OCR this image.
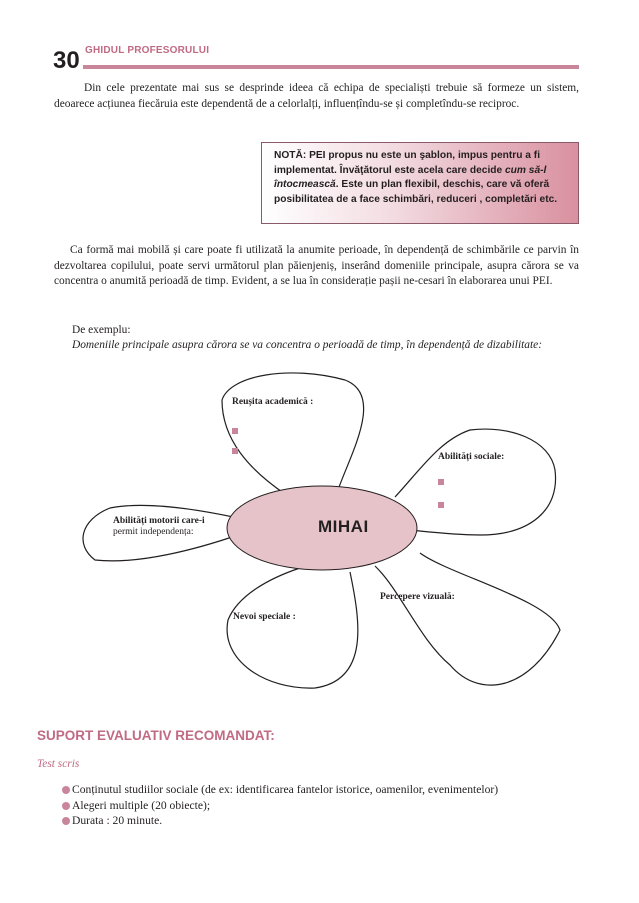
30 GHIDUL PROFESORULUI

Din cele prezentate mai sus se desprinde ideea că echipa de specialiști trebuie să formeze un sistem, deoarece acțiunea fiecăruia este dependentă de a celorlalți, influențîndu-se și completîndu-se reciproc.

NOTĂ: PEI propus nu este un şablon, impus pentru a fi implementat. Învăţătorul este acela care decide cum să-l întocmească. Este un plan flexibil, deschis, care vă oferă posibilitatea de a face schimbări, reduceri , completări etc.

Ca formă mai mobilă și care poate fi utilizată la anumite perioade, în dependență de schimbările ce parvin în dezvoltarea copilului, poate servi următorul plan păienjeniș, inserând domeniile principale, asupra cărora se va concentra o anumită perioadă de timp. Evident, a se lua în considerație pașii ne-cesari în elaborarea unui PEI.

De exemplu:
Domeniile principale asupra cărora se va concentra o perioadă de timp, în dependență de dizabilitate:
Reușita academică :
Abilități sociale:
Abilități motorii care-i
permit independența:
Nevoi speciale :
Percepere vizuală:
MIHAI
SUPORT EVALUATIV RECOMANDAT:
Test scris
Conținutul studiilor sociale (de ex: identificarea fantelor istorice, oamenilor, evenimentelor)
Alegeri multiple (20 obiecte);
Durata : 20 minute.
